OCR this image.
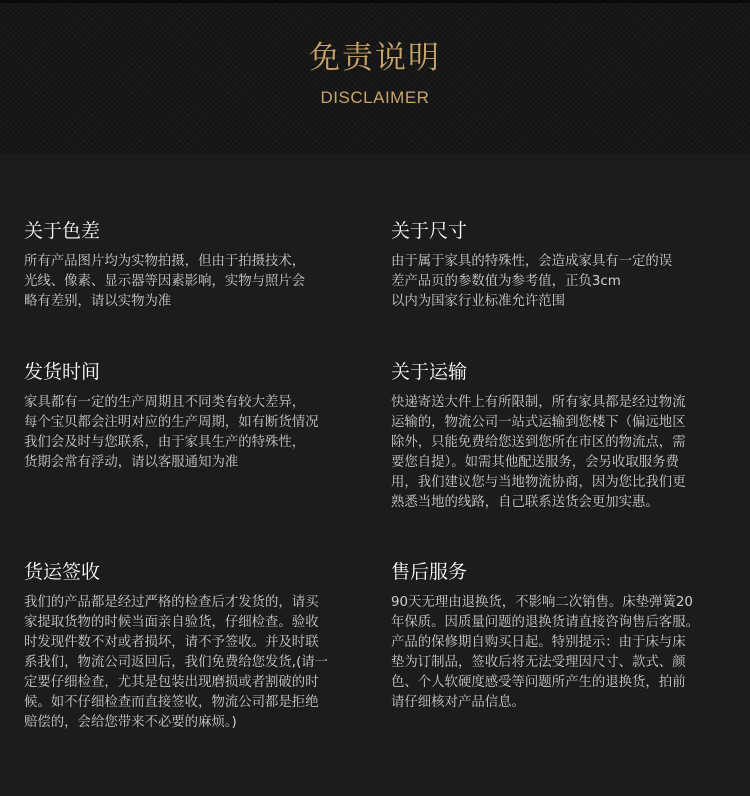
免责说明
DISCLAIMER
关于色差
所有产品图片均为实物拍摄，但由于拍摄技术，
光线、像素、显示器等因素影响，实物与照片会
略有差别，请以实物为准
关于尺寸
由于属于家具的特殊性，会造成家具有一定的误
差产品页的参数值为参考值，正负3cm
以内为国家行业标准允许范围
发货时间
家具都有一定的生产周期且不同类有较大差异，
每个宝贝都会注明对应的生产周期，如有断货情况
我们会及时与您联系，由于家具生产的特殊性，
货期会常有浮动，请以客服通知为准
关于运输
快递寄送大件上有所限制，所有家具都是经过物流
运输的，物流公司一站式运输到您楼下（偏远地区
除外，只能免费给您送到您所在市区的物流点，需
要您自提）。如需其他配送服务，会另收取服务费
用，我们建议您与当地物流协商，因为您比我们更
熟悉当地的线路，自己联系送货会更加实惠。
货运签收
我们的产品都是经过严格的检查后才发货的，请买
家提取货物的时候当面亲自验货，仔细检查。验收
时发现件数不对或者损坏，请不予签收。并及时联
系我们，物流公司返回后，我们免费给您发货,(请一
定要仔细检查，尤其是包装出现磨损或者割破的时
候。如不仔细检查而直接签收，物流公司都是拒绝
赔偿的，会给您带来不必要的麻烦。)
售后服务
90天无理由退换货，不影响二次销售。床垫弹簧20
年保质。因质量问题的退换货请直接咨询售后客服。
产品的保修期自购买日起。特别提示：由于床与床
垫为订制品，签收后将无法受理因尺寸、款式、颜
色、个人软硬度感受等问题所产生的退换货，拍前
请仔细核对产品信息。
